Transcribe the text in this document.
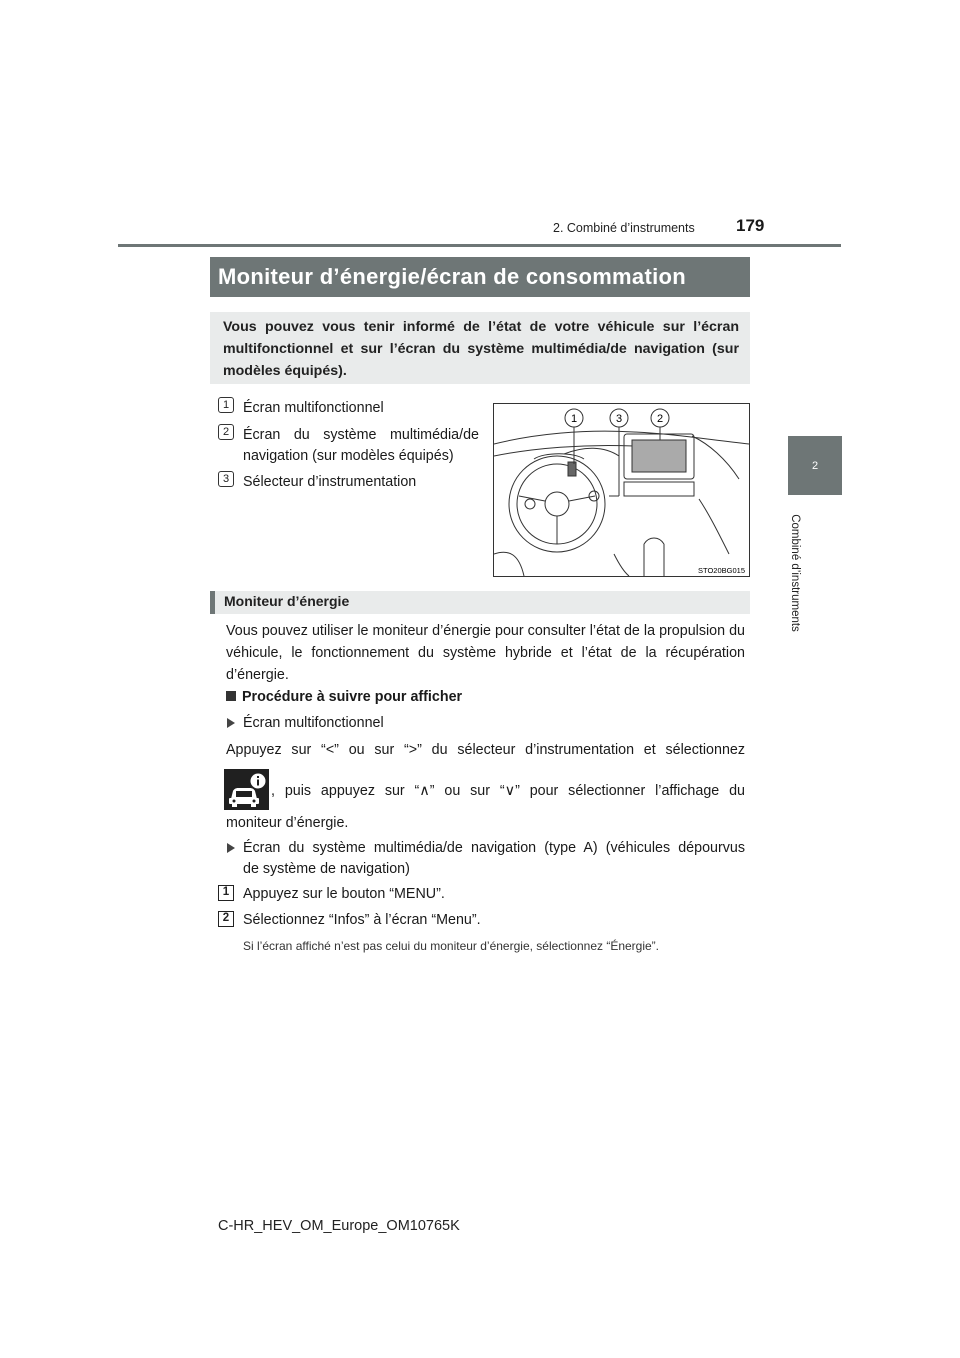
2. Combiné d’instruments 179
2
Combiné d’instruments
Moniteur d’énergie/écran de consommation
Vous pouvez vous tenir informé de l’état de votre véhicule sur l’écran multifonctionnel et sur l’écran du système multimédia/de navigation (sur modèles équipés).
1 Écran multifonctionnel
2 Écran du système multimédia/de
navigation (sur modèles équipés)
3 Sélecteur d’instrumentation
1	3	2
STO20BG015
Moniteur d’énergie
Vous pouvez utiliser le moniteur d’énergie pour consulter l’état de la propulsion du véhicule, le fonctionnement du système hybride et l’état de la récupération d’énergie.
Procédure à suivre pour afficher
Écran multifonctionnel
Appuyez sur “<” ou sur “>” du sélecteur d’instrumentation et sélectionnez
, puis appuyez sur “∧” ou sur “∨” pour sélectionner l’affichage du
moniteur d’énergie.
Écran du système multimédia/de navigation (type A) (véhicules dépourvus
de système de navigation)
1 Appuyez sur le bouton “MENU”.
2 Sélectionnez “Infos” à l’écran “Menu”.
Si l’écran affiché n’est pas celui du moniteur d’énergie, sélectionnez “Énergie”.
C-HR_HEV_OM_Europe_OM10765K
